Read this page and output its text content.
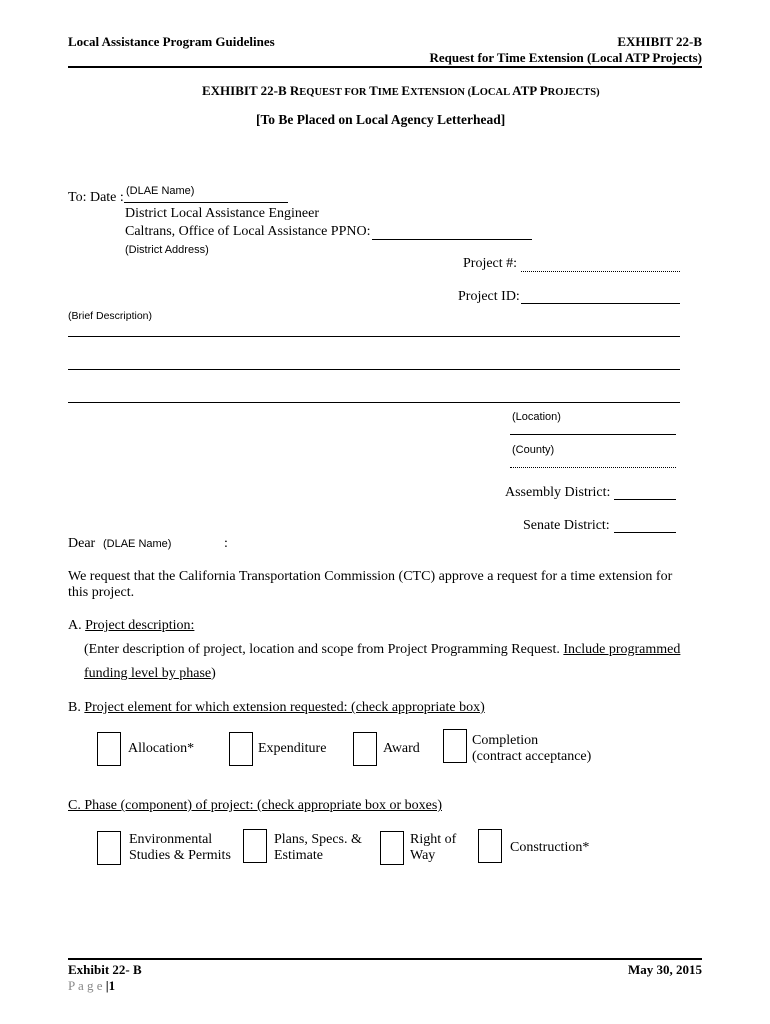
Local Assistance Program Guidelines	EXHIBIT 22-B
Request for Time Extension (Local ATP Projects)
EXHIBIT 22-B REQUEST FOR TIME EXTENSION (LOCAL ATP PROJECTS)
[To Be Placed on Local Agency Letterhead]
To: Date : (DLAE Name)
District Local Assistance Engineer
Caltrans, Office of Local Assistance PPNO:
(District Address)
Project #:
Project ID:
(Brief Description)
(Location)
(County)
Assembly District:
Senate District:
Dear (DLAE Name)	:
We request that the California Transportation Commission (CTC) approve a request for a time extension for
this project.
A. Project description:
(Enter description of project, location and scope from Project Programming Request. Include programmed
funding level by phase)
B. Project element for which extension requested: (check appropriate box)
Allocation*	Expenditure	Award
Completion
(contract acceptance)
C. Phase (component) of project: (check appropriate box or boxes)
Environmental
Studies & Permits
Plans, Specs. &
Estimate
Right of
Way
Construction*
Exhibit 22- B	May 30, 2015
P a g e |1
